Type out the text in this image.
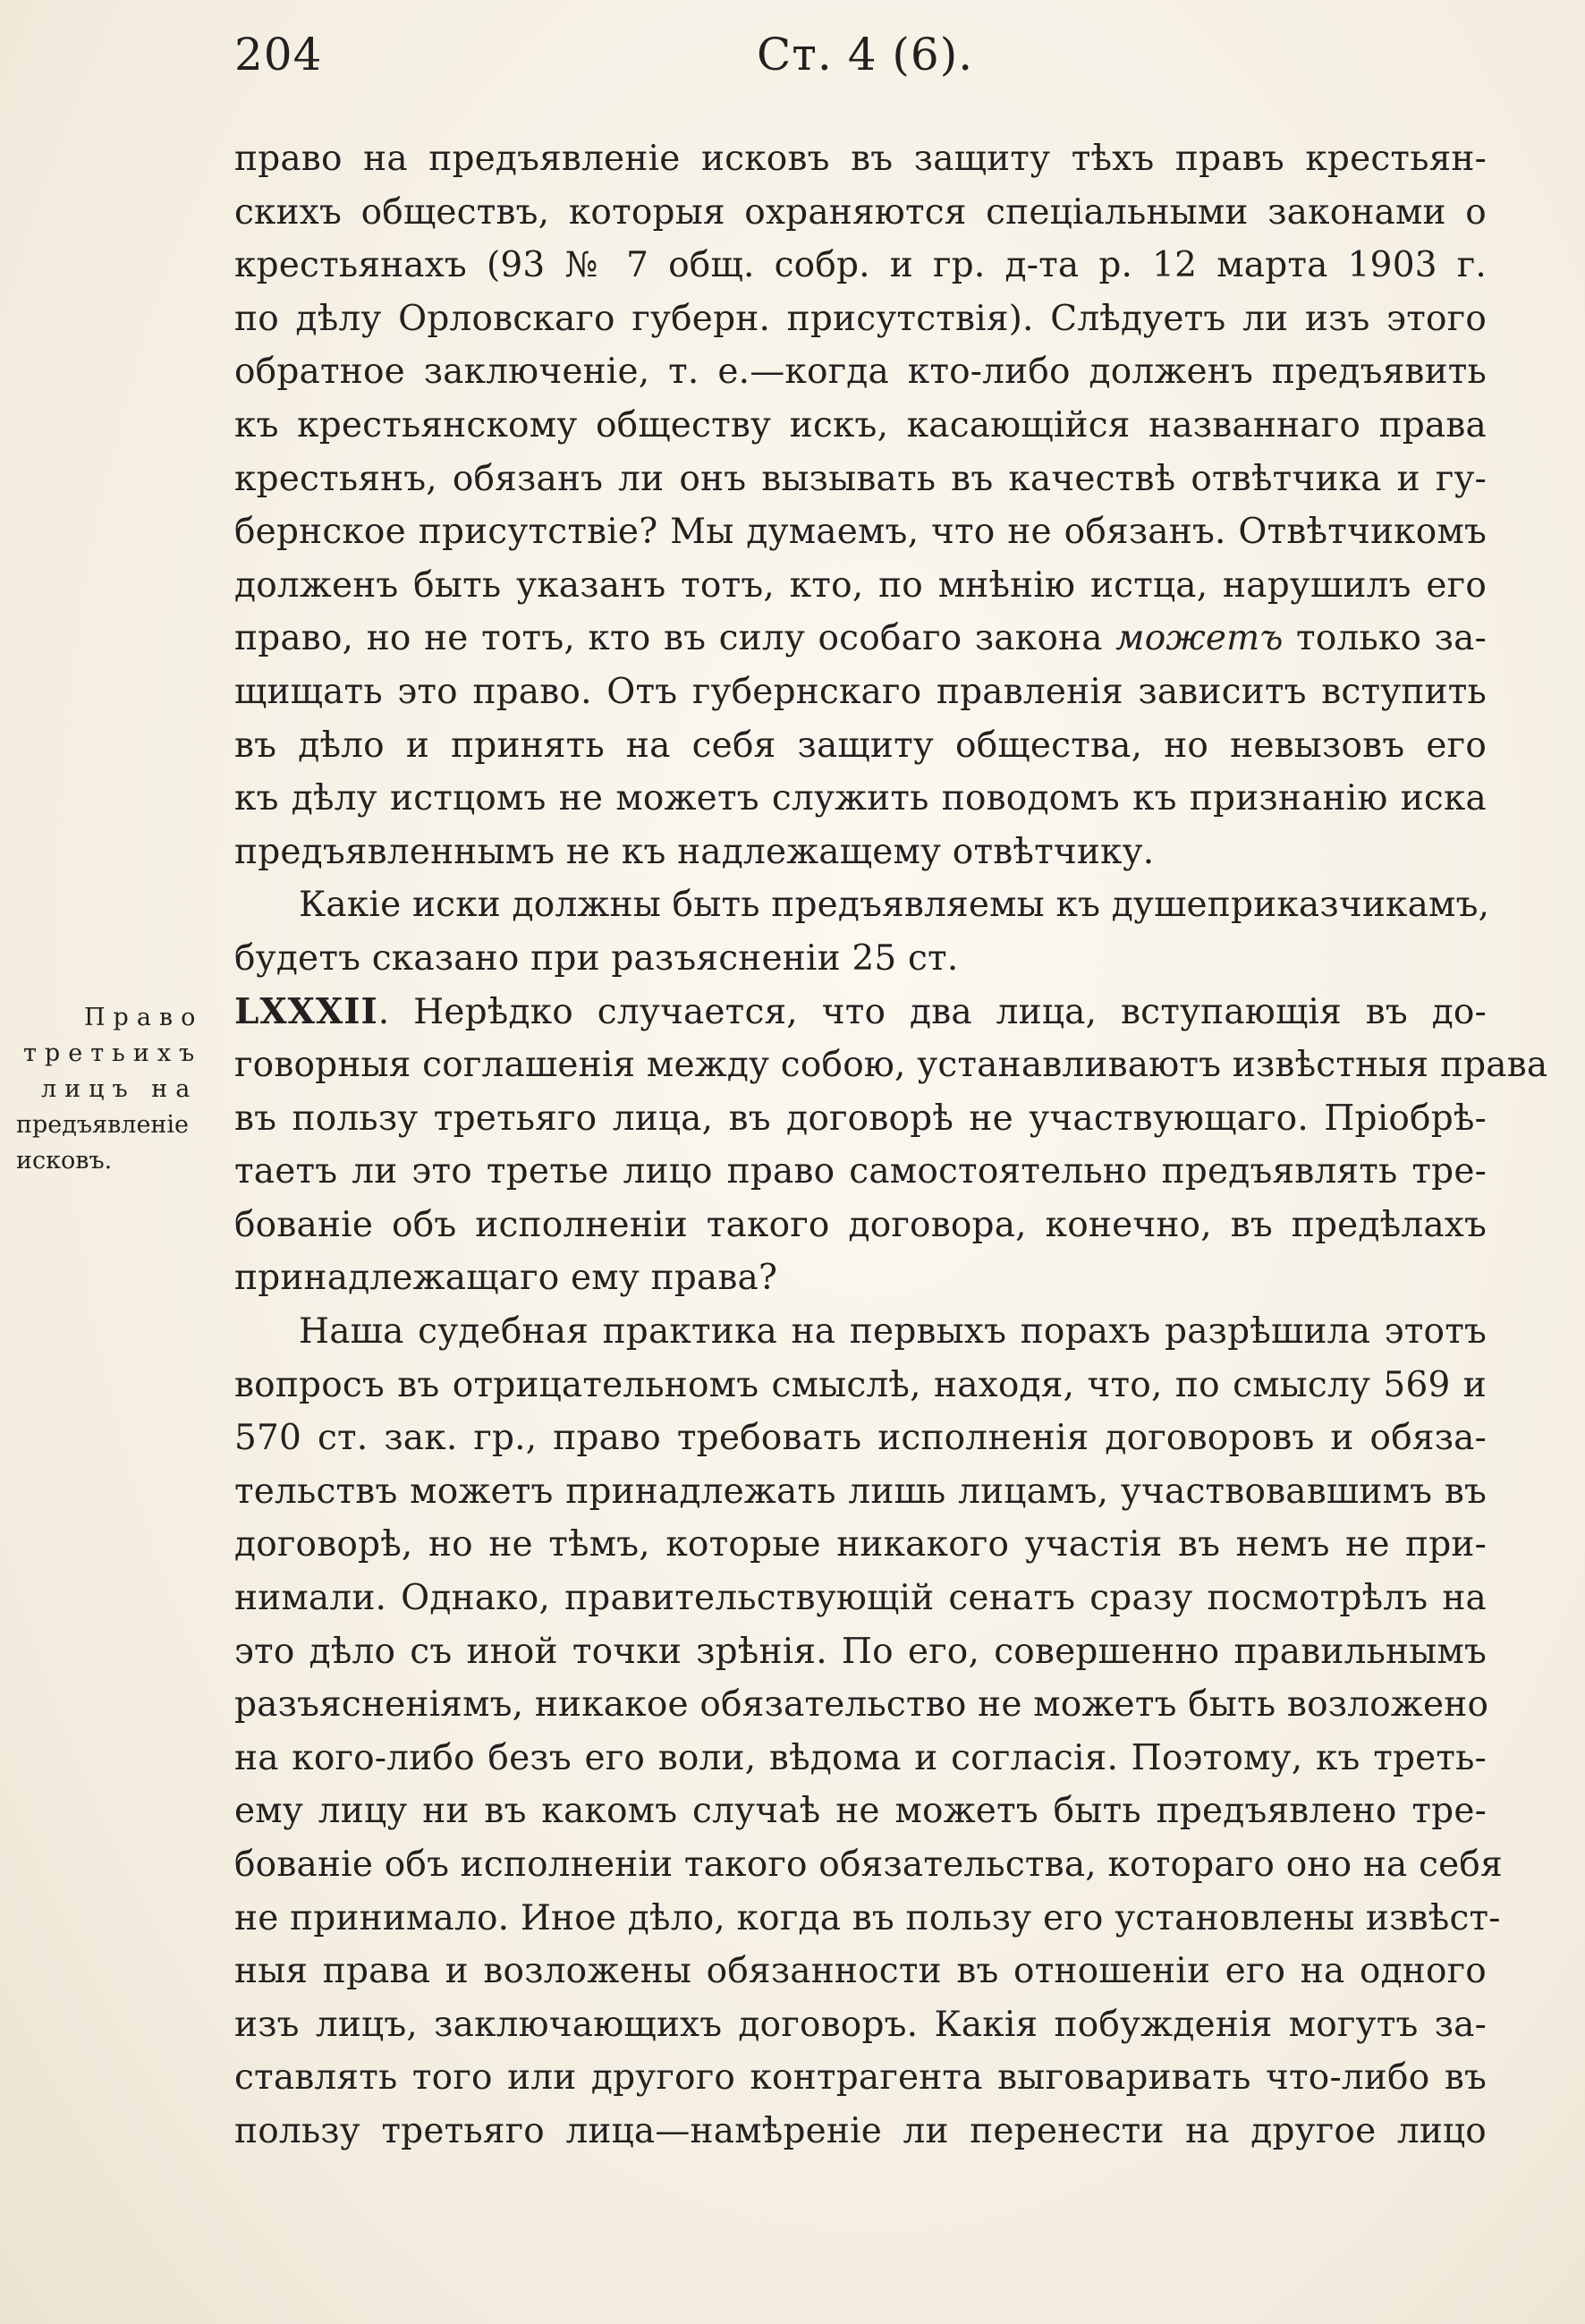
204	Ст. 4 (6).
Право
третьихъ
лицъ на
предъявленіе
исковъ.
право на предъявленіе исковъ въ защиту тѣхъ правъ крестьян-
скихъ обществъ, которыя охраняются спеціальными законами о
крестьянахъ (93 № 7 общ. собр. и гр. д-та р. 12 марта 1903 г.
по дѣлу Орловскаго губерн. присутствія). Слѣдуетъ ли изъ этого
обратное заключеніе, т. е.—когда кто-либо долженъ предъявить
къ крестьянскому обществу искъ, касающійся названнаго права
крестьянъ, обязанъ ли онъ вызывать въ качествѣ отвѣтчика и гу-
бернское присутствіе? Мы думаемъ, что не обязанъ. Отвѣтчикомъ
долженъ быть указанъ тотъ, кто, по мнѣнію истца, нарушилъ его
право, но не тотъ, кто въ силу особаго закона можетъ только за-
щищать это право. Отъ губернскаго правленія зависитъ вступить
въ дѣло и принять на себя защиту общества, но невызовъ его
къ дѣлу истцомъ не можетъ служить поводомъ къ признанію иска
предъявленнымъ не къ надлежащему отвѣтчику.
Какіе иски должны быть предъявляемы къ душеприказчикамъ,
будетъ сказано при разъясненіи 25 ст.
LXXXII. Нерѣдко случается, что два лица, вступающія въ до-
говорныя соглашенія между собою, устанавливаютъ извѣстныя права
въ пользу третьяго лица, въ договорѣ не участвующаго. Пріобрѣ-
таетъ ли это третье лицо право самостоятельно предъявлять тре-
бованіе объ исполненіи такого договора, конечно, въ предѣлахъ
принадлежащаго ему права?
Наша судебная практика на первыхъ порахъ разрѣшила этотъ
вопросъ въ отрицательномъ смыслѣ, находя, что, по смыслу 569 и
570 ст. зак. гр., право требовать исполненія договоровъ и обяза-
тельствъ можетъ принадлежать лишь лицамъ, участвовавшимъ въ
договорѣ, но не тѣмъ, которые никакого участія въ немъ не при-
нимали. Однако, правительствующій сенатъ сразу посмотрѣлъ на
это дѣло съ иной точки зрѣнія. По его, совершенно правильнымъ
разъясненіямъ, никакое обязательство не можетъ быть возложено
на кого-либо безъ его воли, вѣдома и согласія. Поэтому, къ треть-
ему лицу ни въ какомъ случаѣ не можетъ быть предъявлено тре-
бованіе объ исполненіи такого обязательства, котораго оно на себя
не принимало. Иное дѣло, когда въ пользу его установлены извѣст-
ныя права и возложены обязанности въ отношеніи его на одного
изъ лицъ, заключающихъ договоръ. Какія побужденія могутъ за-
ставлять того или другого контрагента выговаривать что-либо въ
пользу третьяго лица—намѣреніе ли перенести на другое лицо
